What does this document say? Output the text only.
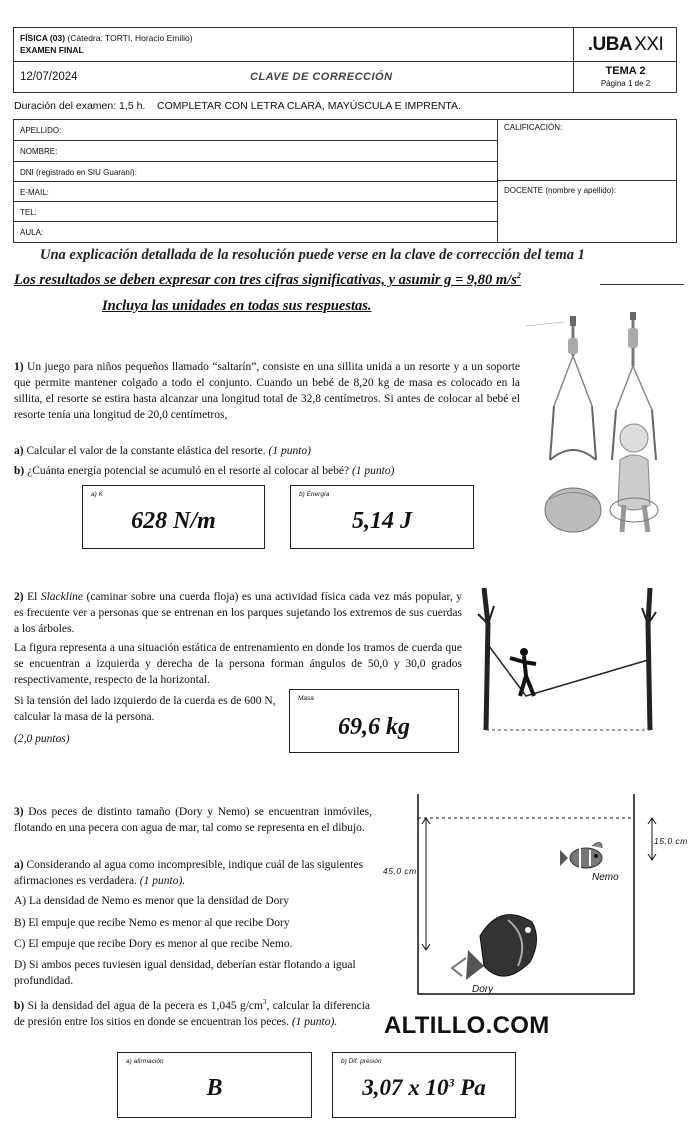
FÍSICA (03) (Cátedra: TORTI, Horacio Emilio)
EXAMEN FINAL	.UBA XXI
12/07/2024	CLAVE DE CORRECCIÓN	TEMA 2
Página 1 de 2
Duración del examen: 1,5 h.    COMPLETAR CON LETRA CLARA, MAYÚSCULA E IMPRENTA.
APELLIDO:
NOMBRE:
DNI (registrado en SIU Guaraní):
E-MAIL:
TEL:
AULA:
CALIFICACIÓN:
DOCENTE (nombre y apellido):
Una explicación detallada de la resolución puede verse en la clave de corrección del tema 1
Los resultados se deben expresar con tres cifras significativas, y asumir g = 9,80 $m/s^2$
Incluya las unidades en todas sus respuestas.
1) Un juego para niños pequeños llamado “saltarín”, consiste en una sillita unida a un resorte y a un soporte que permite mantener colgado a todo el conjunto. Cuando un bebé de 8,20 kg de masa es colocado en la sillita, el resorte se estira hasta alcanzar una longitud total de 32,8 centímetros. Si antes de colocar al bebé el resorte tenía una longitud de 20,0 centímetros,
a) Calcular el valor de la constante elástica del resorte. (1 punto)
b) ¿Cuánta energía potencial se acumuló en el resorte al colocar al bebé? (1 punto)
a) K
628 N/m
b) Energía
5,14 J
2) El Slackline (caminar sobre una cuerda floja) es una actividad física cada vez más popular, y es frecuente ver a personas que se entrenan en los parques sujetando los extremos de sus cuerdas a los árboles.
La figura representa a una situación estática de entrenamiento en donde los tramos de cuerda que se encuentran a izquierda y derecha de la persona forman ángulos de 50,0 y 30,0 grados respectivamente, respecto de la horizontal.
Si la tensión del lado izquierdo de la cuerda es de 600 N, calcular la masa de la persona.
(2,0 puntos)
Masa
69,6 kg
3) Dos peces de distinto tamaño (Dory y Nemo) se encuentran inmóviles, flotando en una pecera con agua de mar, tal como se representa en el dibujo.
a) Considerando al agua como incompresible, indique cuál de las siguientes afirmaciones es verdadera. (1 punto).
A) La densidad de Nemo es menor que la densidad de Dory
B) El empuje que recibe Nemo es menor al que recibe Dory
C) El empuje que recibe Dory es menor al que recibe Nemo.
D) Si ambos peces tuviesen igual densidad, deberían estar flotando a igual profundidad.
b) Si la densidad del agua de la pecera es 1,045 $g/cm^3$, calcular la diferencia de presión entre los sitios en donde se encuentran los peces. (1 punto).
45,0 cm
15,0 cm
Nemo
Dory
ALTILLO.COM
a) afirmación
B
b) Dif. presión
3,07 x $10^3$ Pa
